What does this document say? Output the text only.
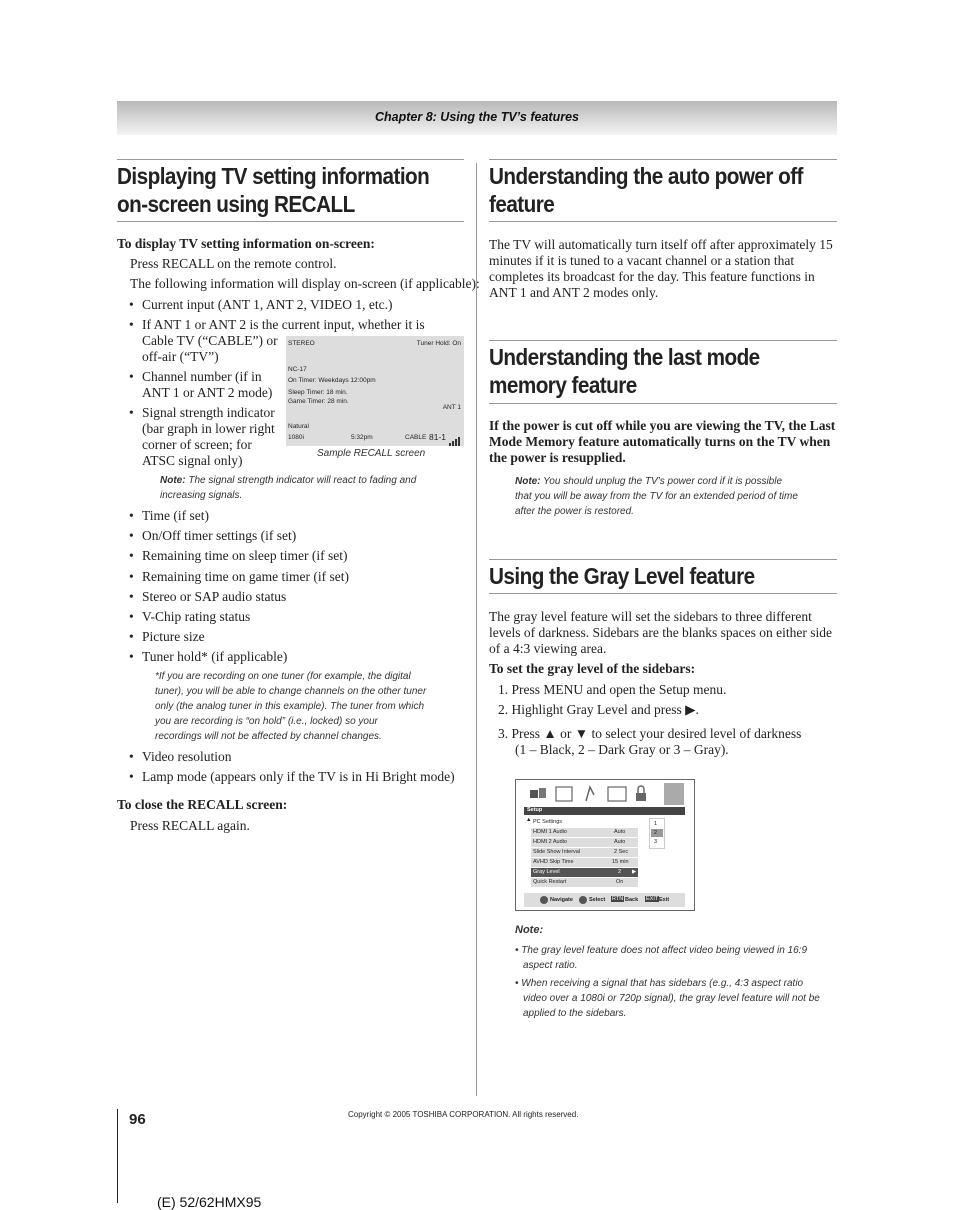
Chapter 8: Using the TV’s features
Displaying TV setting information
on-screen using RECALL
To display TV setting information on-screen:
Press RECALL on the remote control.
The following information will display on-screen (if applicable):
• Current input (ANT 1, ANT 2, VIDEO 1, etc.)
• If ANT 1 or ANT 2 is the current input, whether it is
Cable TV (“CABLE”) or
off-air (“TV”)
• Channel number (if in
ANT 1 or ANT 2 mode)
• Signal strength indicator
(bar graph in lower right
corner of screen; for
ATSC signal only)
STEREO	Tuner Hold: On
NC-17
On Timer: Weekdays 12:00pm
Sleep Timer: 18 min.
Game Timer: 28 min.
ANT 1
Natural
1080i	5:32pm	CABLE 81-1
Sample RECALL screen
Note: The signal strength indicator will react to fading and
increasing signals.
• Time (if set)
• On/Off timer settings (if set)
• Remaining time on sleep timer (if set)
• Remaining time on game timer (if set)
• Stereo or SAP audio status
• V-Chip rating status
• Picture size
• Tuner hold* (if applicable)
*If you are recording on one tuner (for example, the digital
tuner), you will be able to change channels on the other tuner
only (the analog tuner in this example). The tuner from which
you are recording is “on hold” (i.e., locked) so your
recordings will not be affected by channel changes.
• Video resolution
• Lamp mode (appears only if the TV is in Hi Bright mode)
To close the RECALL screen:
Press RECALL again.
Understanding the auto power off
feature
The TV will automatically turn itself off after approximately 15
minutes if it is tuned to a vacant channel or a station that
completes its broadcast for the day. This feature functions in
ANT 1 and ANT 2 modes only.
Understanding the last mode
memory feature
If the power is cut off while you are viewing the TV, the Last
Mode Memory feature automatically turns on the TV when
the power is resupplied.
Note: You should unplug the TV’s power cord if it is possible
that you will be away from the TV for an extended period of time
after the power is restored.
Using the Gray Level feature
The gray level feature will set the sidebars to three different
levels of darkness. Sidebars are the blanks spaces on either side
of a 4:3 viewing area.
To set the gray level of the sidebars:
1. Press MENU and open the Setup menu.
2. Highlight Gray Level and press ▶.
3. Press ▲ or ▼ to select your desired level of darkness
(1 – Black, 2 – Dark Gray or 3 – Gray).
Setup
▲ PC Settings
HDMI 1 Audio	Auto
HDMI 2 Audio	Auto
Slide Show Interval	2 Sec
AVHD Skip Time	15 min
Gray Level	2 ▶
Quick Restart	On
1
2
3
Navigate	Select RTN Back EXIT Exit
Note:
• The gray level feature does not affect video being viewed in 16:9
aspect ratio.
• When receiving a signal that has sidebars (e.g., 4:3 aspect ratio
video over a 1080i or 720p signal), the gray level feature will not be
applied to the sidebars.
96	Copyright © 2005 TOSHIBA CORPORATION. All rights reserved.
(E) 52/62HMX95
